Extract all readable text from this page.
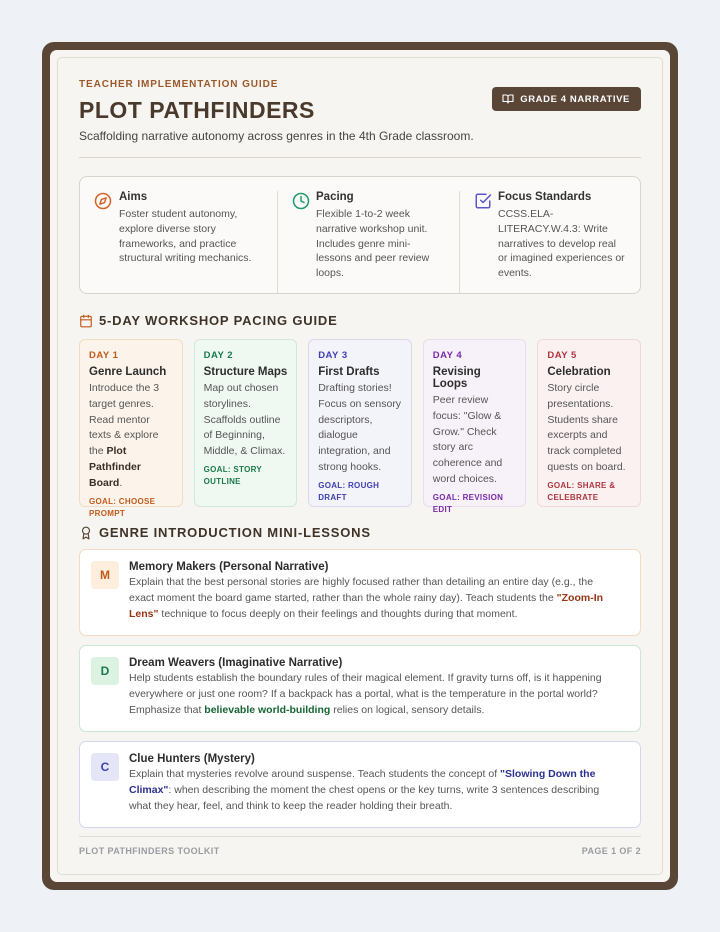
TEACHER IMPLEMENTATION GUIDE
PLOT PATHFINDERS
Scaffolding narrative autonomy across genres in the 4th Grade classroom.
GRADE 4 NARRATIVE
Aims
Foster student autonomy, explore diverse story frameworks, and practice structural writing mechanics.
Pacing
Flexible 1-to-2 week narrative workshop unit. Includes genre mini-lessons and peer review loops.
Focus Standards
CCSS.ELA-LITERACY.W.4.3: Write narratives to develop real or imagined experiences or events.
5-DAY WORKSHOP PACING GUIDE
DAY 1
Genre Launch
Introduce the 3 target genres. Read mentor texts & explore the Plot Pathfinder Board.
GOAL: CHOOSE PROMPT
DAY 2
Structure Maps
Map out chosen storylines. Scaffolds outline of Beginning, Middle, & Climax.
GOAL: STORY OUTLINE
DAY 3
First Drafts
Drafting stories! Focus on sensory descriptors, dialogue integration, and strong hooks.
GOAL: ROUGH DRAFT
DAY 4
Revising Loops
Peer review focus: "Glow & Grow." Check story arc coherence and word choices.
GOAL: REVISION EDIT
DAY 5
Celebration
Story circle presentations. Students share excerpts and track completed quests on board.
GOAL: SHARE & CELEBRATE
GENRE INTRODUCTION MINI-LESSONS
M
Memory Makers (Personal Narrative)
Explain that the best personal stories are highly focused rather than detailing an entire day (e.g., the exact moment the board game started, rather than the whole rainy day). Teach students the "Zoom-In Lens" technique to focus deeply on their feelings and thoughts during that moment.
D
Dream Weavers (Imaginative Narrative)
Help students establish the boundary rules of their magical element. If gravity turns off, is it happening everywhere or just one room? If a backpack has a portal, what is the temperature in the portal world? Emphasize that believable world-building relies on logical, sensory details.
C
Clue Hunters (Mystery)
Explain that mysteries revolve around suspense. Teach students the concept of "Slowing Down the Climax": when describing the moment the chest opens or the key turns, write 3 sentences describing what they hear, feel, and think to keep the reader holding their breath.
PLOT PATHFINDERS TOOLKIT	PAGE 1 OF 2
